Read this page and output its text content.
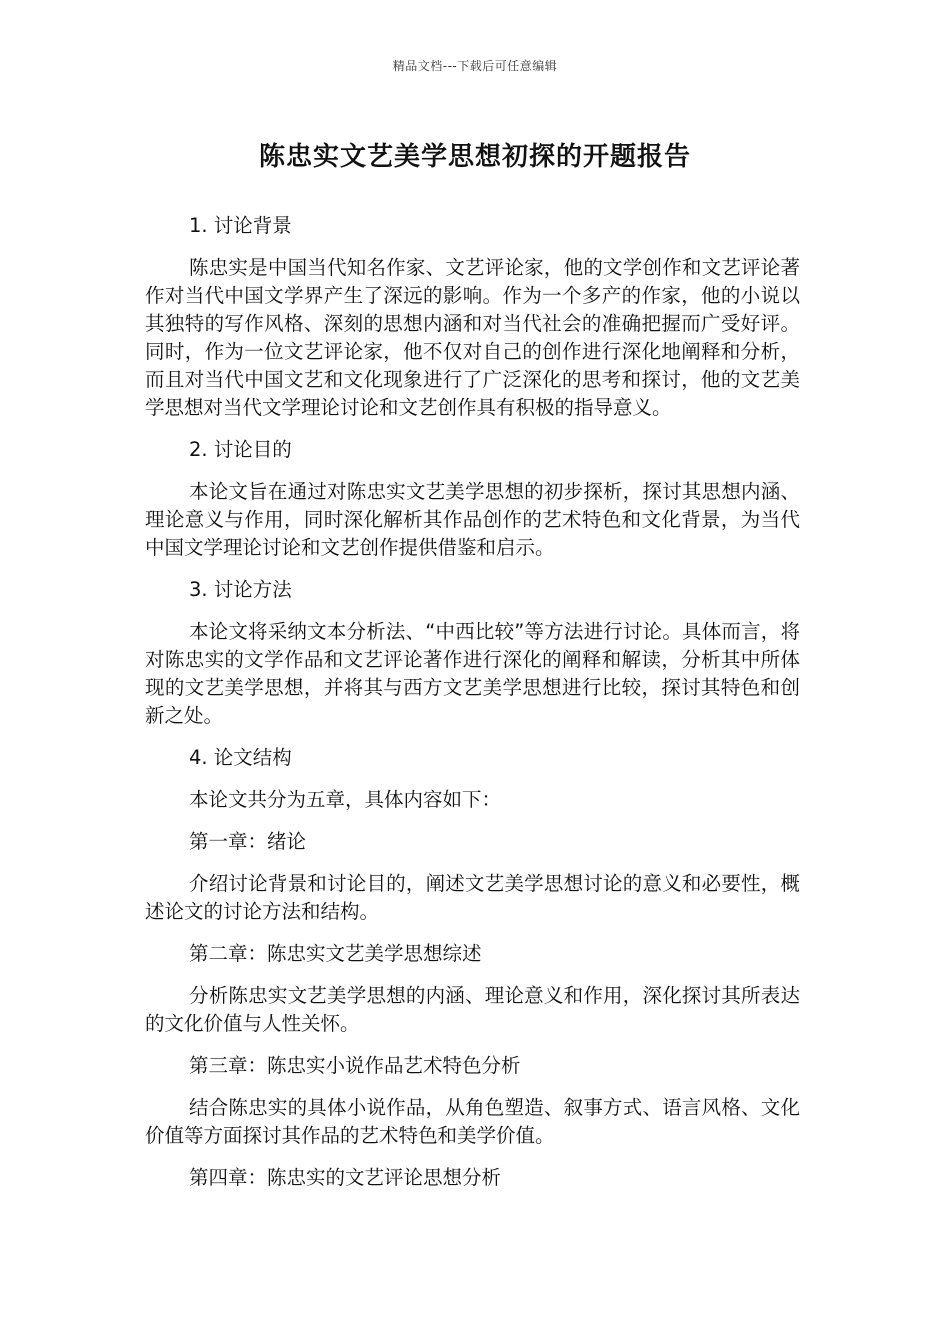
精品文档---下载后可任意编辑
陈忠实文艺美学思想初探的开题报告
1. 讨论背景
陈忠实是中国当代知名作家、文艺评论家，他的文学创作和文艺评论著作对当代中国文学界产生了深远的影响。作为一个多产的作家，他的小说以其独特的写作风格、深刻的思想内涵和对当代社会的准确把握而广受好评。同时，作为一位文艺评论家，他不仅对自己的创作进行深化地阐释和分析，而且对当代中国文艺和文化现象进行了广泛深化的思考和探讨，他的文艺美学思想对当代文学理论讨论和文艺创作具有积极的指导意义。
2. 讨论目的
本论文旨在通过对陈忠实文艺美学思想的初步探析，探讨其思想内涵、理论意义与作用，同时深化解析其作品创作的艺术特色和文化背景，为当代中国文学理论讨论和文艺创作提供借鉴和启示。
3. 讨论方法
本论文将采纳文本分析法、“中西比较”等方法进行讨论。具体而言，将对陈忠实的文学作品和文艺评论著作进行深化的阐释和解读，分析其中所体现的文艺美学思想，并将其与西方文艺美学思想进行比较，探讨其特色和创新之处。
4. 论文结构
本论文共分为五章，具体内容如下：
第一章：绪论
介绍讨论背景和讨论目的，阐述文艺美学思想讨论的意义和必要性，概述论文的讨论方法和结构。
第二章：陈忠实文艺美学思想综述
分析陈忠实文艺美学思想的内涵、理论意义和作用，深化探讨其所表达的文化价值与人性关怀。
第三章：陈忠实小说作品艺术特色分析
结合陈忠实的具体小说作品，从角色塑造、叙事方式、语言风格、文化价值等方面探讨其作品的艺术特色和美学价值。
第四章：陈忠实的文艺评论思想分析
